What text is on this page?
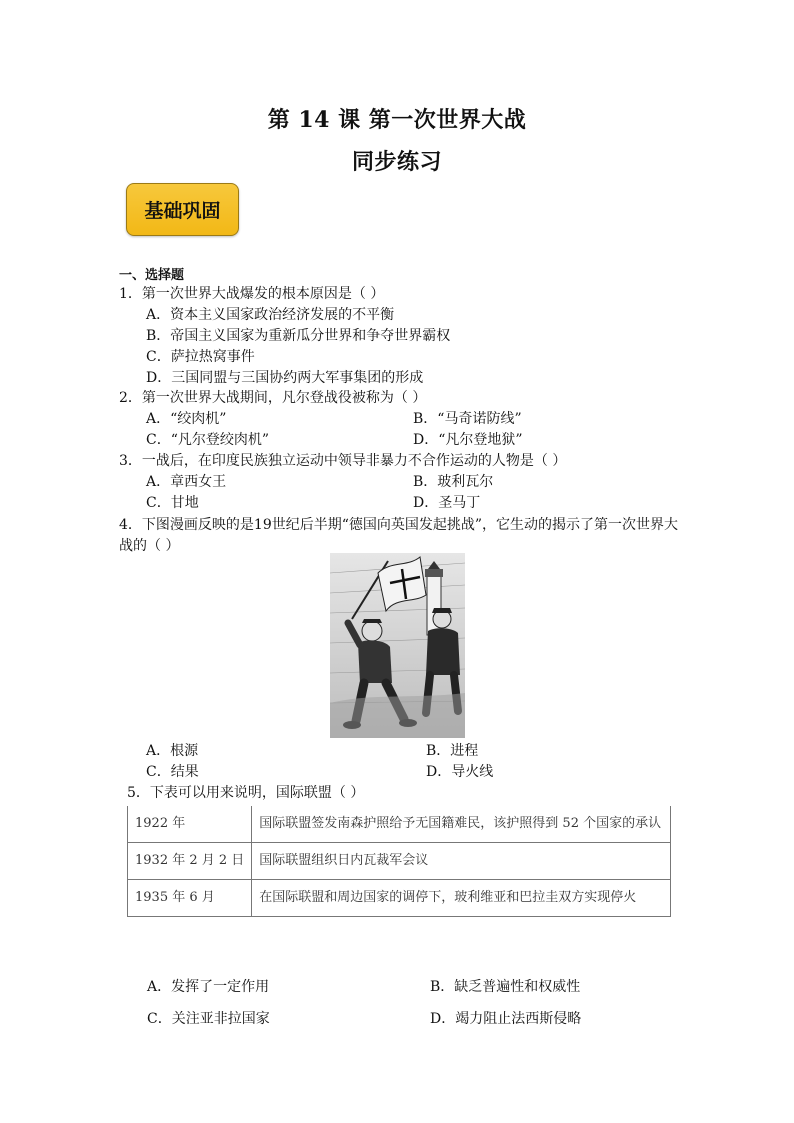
第 14 课 第一次世界大战
同步练习
基础巩固
一、选择题
1．第一次世界大战爆发的根本原因是（ ）
A．资本主义国家政治经济发展的不平衡
B．帝国主义国家为重新瓜分世界和争夺世界霸权
C．萨拉热窝事件
D．三国同盟与三国协约两大军事集团的形成
2．第一次世界大战期间，凡尔登战役被称为（ ）
A．“绞肉机”	B．“马奇诺防线”
C．“凡尔登绞肉机”	D．“凡尔登地狱”
3．一战后，在印度民族独立运动中领导非暴力不合作运动的人物是（ ）
A．章西女王	B．玻利瓦尔
C．甘地	D．圣马丁
4．下图漫画反映的是19世纪后半期“德国向英国发起挑战”，它生动的揭示了第一次世界大战的（ ）
A．根源	B．进程
C．结果	D．导火线
5．下表可以用来说明，国际联盟（ ）
1922 年	国际联盟签发南森护照给予无国籍难民，该护照得到 52 个国家的承认
1932 年 2 月 2 日	国际联盟组织日内瓦裁军会议
1935 年 6 月	在国际联盟和周边国家的调停下，玻利维亚和巴拉圭双方实现停火
A．发挥了一定作用	B．缺乏普遍性和权威性
C．关注亚非拉国家	D．竭力阻止法西斯侵略
